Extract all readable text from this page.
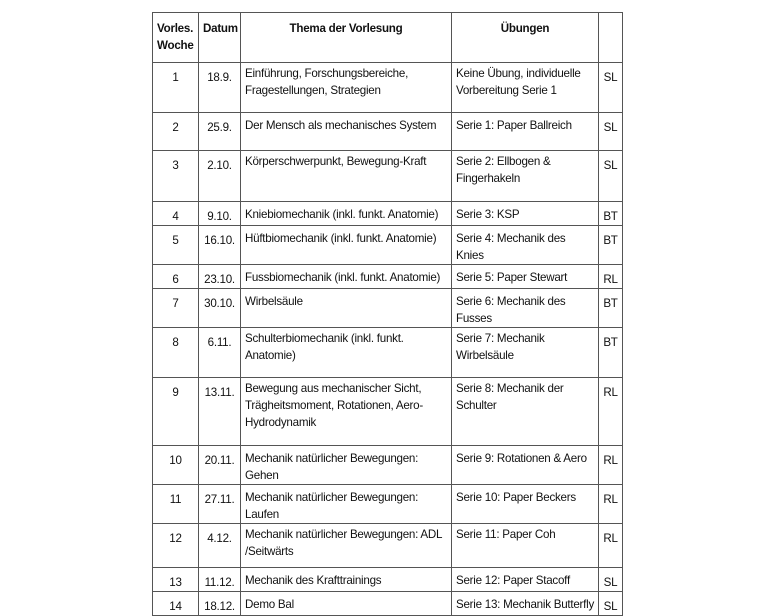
Vorles. Woche	Datum	Thema der Vorlesung	Übungen	
1	18.9.	Einführung, Forschungsbereiche, Fragestellungen, Strategien	Keine Übung, individuelle Vorbereitung Serie 1	SL
2	25.9.	Der Mensch als mechanisches System	Serie 1: Paper Ballreich	SL
3	2.10.	Körperschwerpunkt, Bewegung-Kraft	Serie 2: Ellbogen & Fingerhakeln	SL
4	9.10.	Kniebiomechanik (inkl. funkt. Anatomie)	Serie 3: KSP	BT
5	16.10.	Hüftbiomechanik (inkl. funkt. Anatomie)	Serie 4: Mechanik des Knies	BT
6	23.10.	Fussbiomechanik (inkl. funkt. Anatomie)	Serie 5: Paper Stewart	RL
7	30.10.	Wirbelsäule	Serie 6: Mechanik des Fusses	BT
8	6.11.	Schulterbiomechanik (inkl. funkt. Anatomie)	Serie 7: Mechanik Wirbelsäule	BT
9	13.11.	Bewegung aus mechanischer Sicht, Trägheitsmoment, Rotationen, Aero-Hydrodynamik	Serie 8: Mechanik der Schulter	RL
10	20.11.	Mechanik natürlicher Bewegungen: Gehen	Serie 9: Rotationen & Aero	RL
11	27.11.	Mechanik natürlicher Bewegungen: Laufen	Serie 10: Paper Beckers	RL
12	4.12.	Mechanik natürlicher Bewegungen: ADL /Seitwärts	Serie 11: Paper Coh	RL
13	11.12.	Mechanik des Krafttrainings	Serie 12: Paper Stacoff	SL
14	18.12.	Demo Bal	Serie 13: Mechanik Butterfly	SL
